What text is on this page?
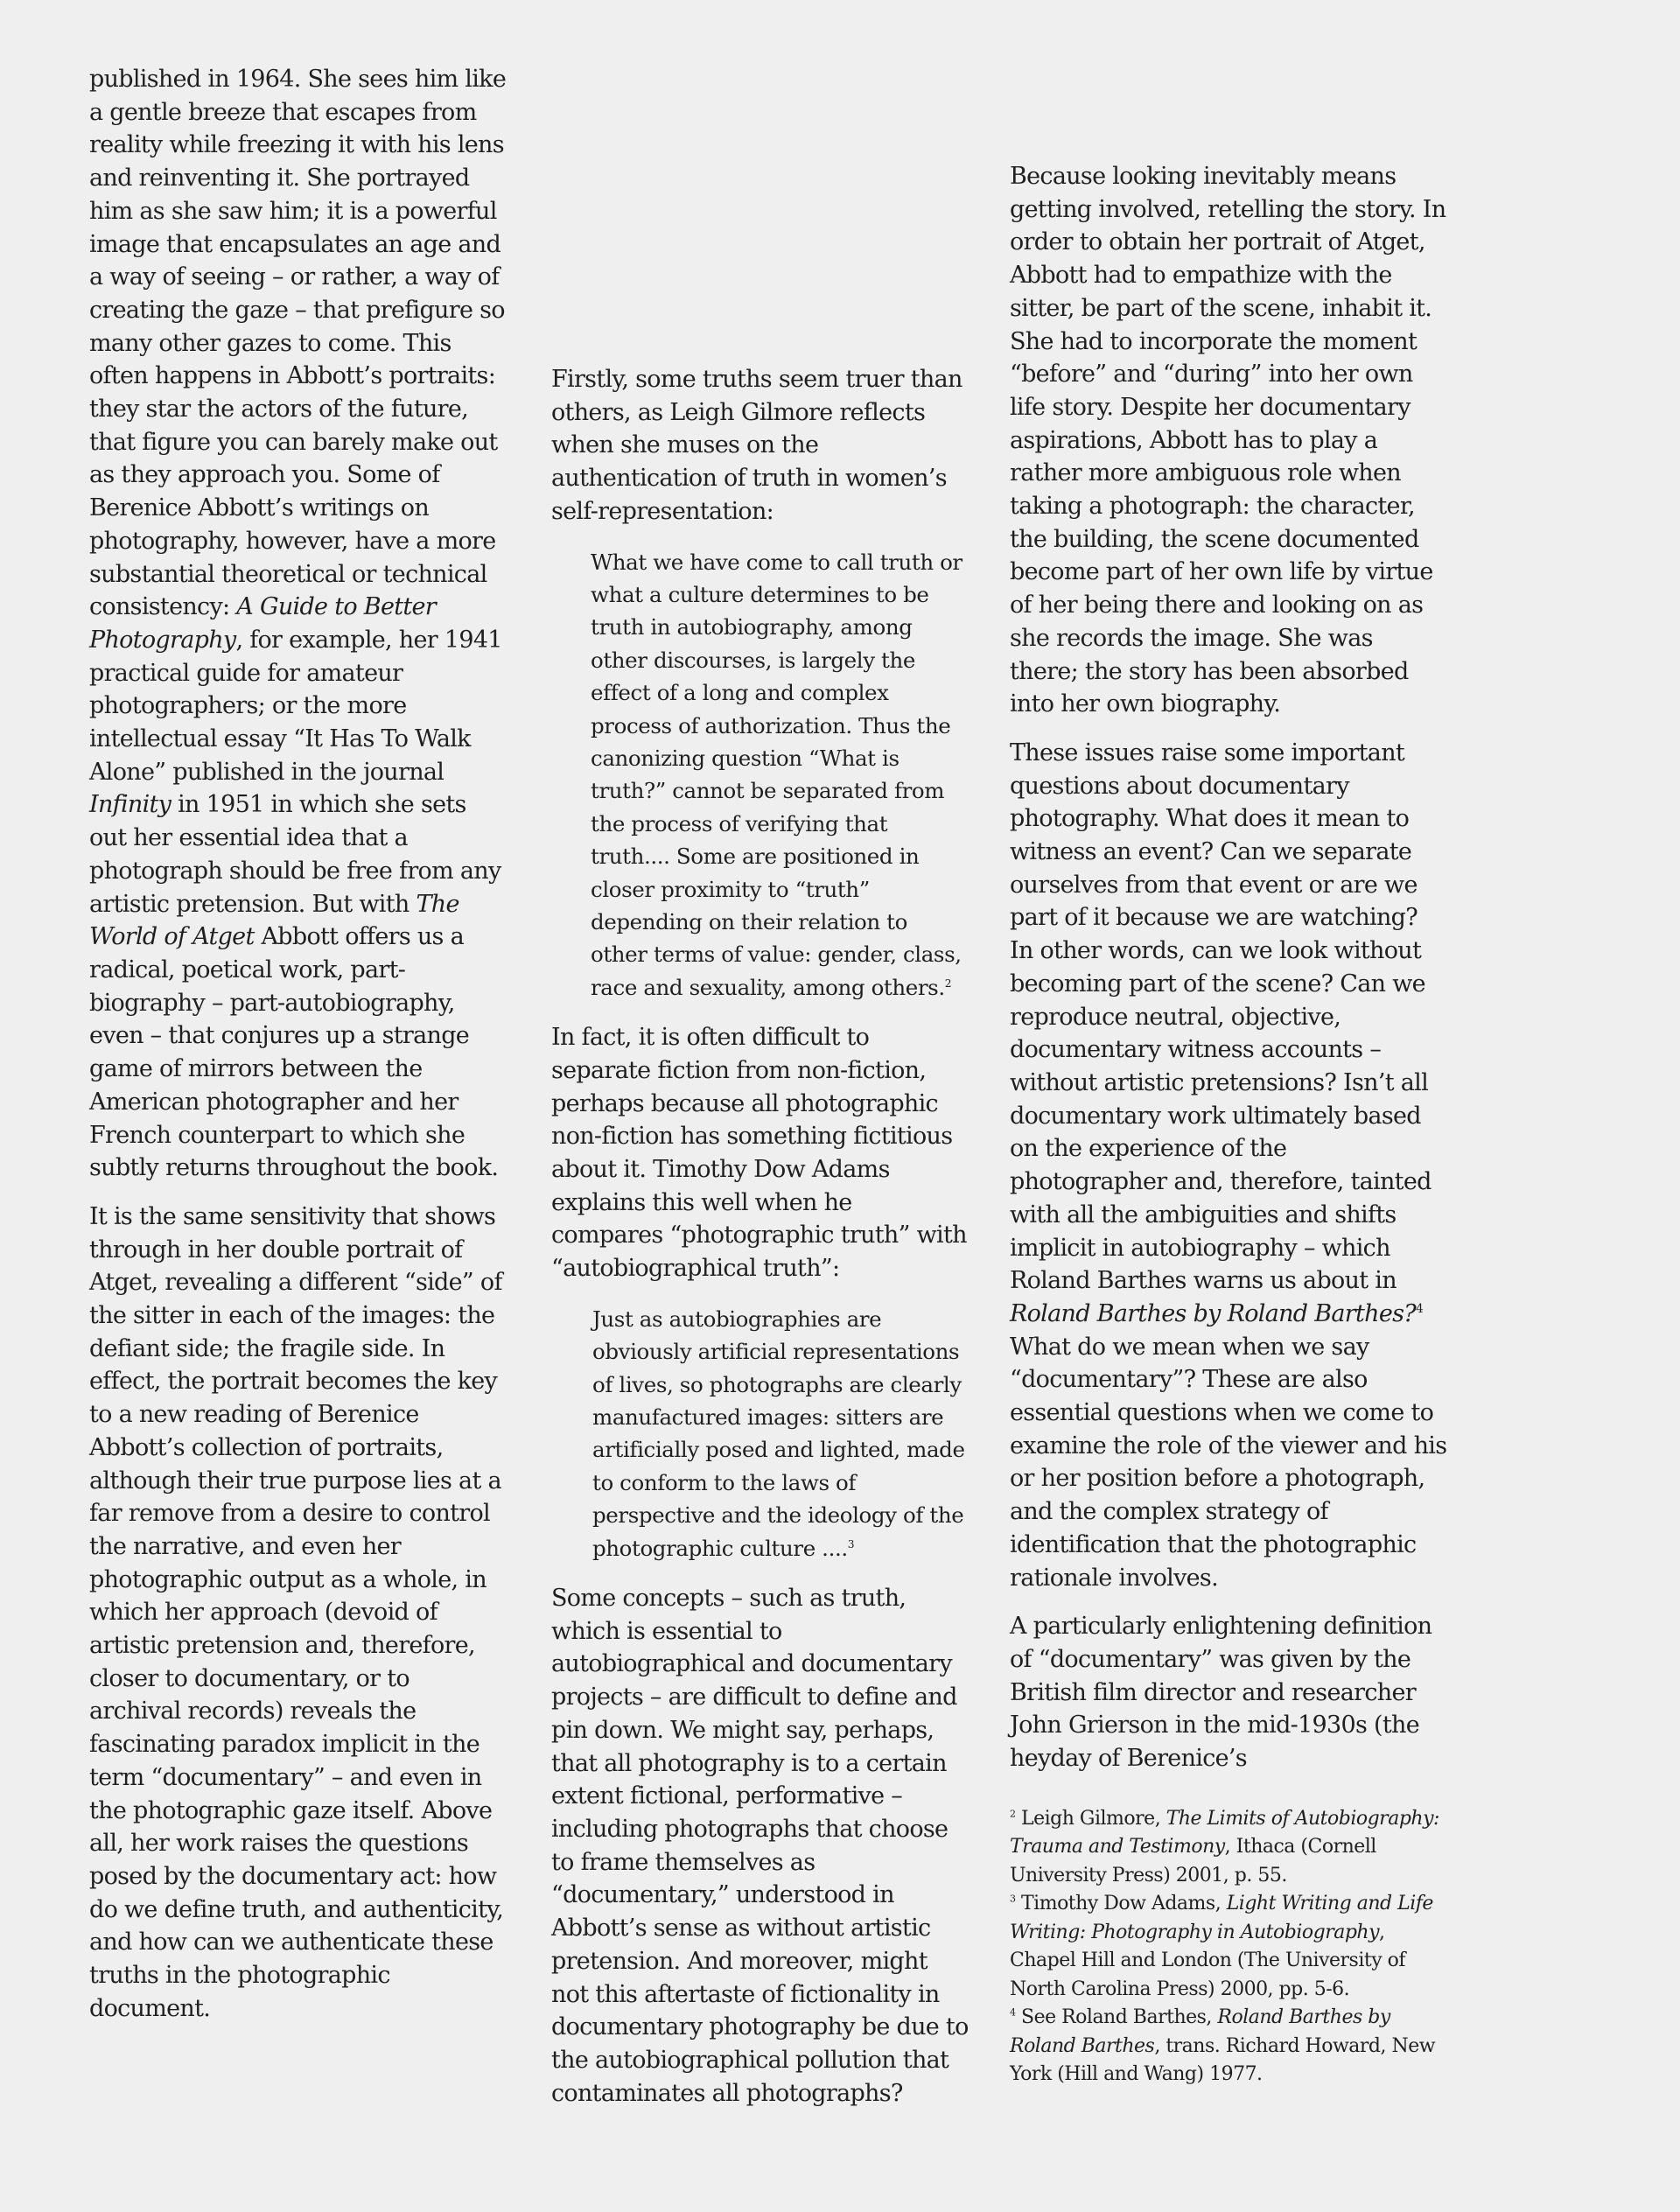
published in 1964. She sees him like a gentle breeze that escapes from reality while freezing it with his lens and reinventing it. She portrayed him as she saw him; it is a powerful image that encapsulates an age and a way of seeing – or rather, a way of creating the gaze – that prefigure so many other gazes to come. This often happens in Abbott’s portraits: they star the actors of the future, that figure you can barely make out as they approach you. Some of Berenice Abbott’s writings on photography, however, have a more substantial theoretical or technical consistency: A Guide to Better Photography, for example, her 1941 practical guide for amateur photographers; or the more intellectual essay “It Has To Walk Alone” published in the journal Infinity in 1951 in which she sets out her essential idea that a photograph should be free from any artistic pretension. But with The World of Atget Abbott offers us a radical, poetical work, part-biography – part-autobiography, even – that conjures up a strange game of mirrors between the American photographer and her French counterpart to which she subtly returns throughout the book.

It is the same sensitivity that shows through in her double portrait of Atget, revealing a different “side” of the sitter in each of the images: the defiant side; the fragile side. In effect, the portrait becomes the key to a new reading of Berenice Abbott’s collection of portraits, although their true purpose lies at a far remove from a desire to control the narrative, and even her photographic output as a whole, in which her approach (devoid of artistic pretension and, therefore, closer to documentary, or to archival records) reveals the fascinating paradox implicit in the term “documentary” – and even in the photographic gaze itself. Above all, her work raises the questions posed by the documentary act: how do we define truth, and authenticity, and how can we authenticate these truths in the photographic document.

Firstly, some truths seem truer than others, as Leigh Gilmore reflects when she muses on the authentication of truth in women’s self-representation:

What we have come to call truth or what a culture determines to be truth in autobiography, among other discourses, is largely the effect of a long and complex process of authorization. Thus the canonizing question “What is truth?” cannot be separated from the process of verifying that truth.... Some are positioned in closer proximity to “truth” depending on their relation to other terms of value: gender, class, race and sexuality, among others.$^2$

In fact, it is often difficult to separate fiction from non-fiction, perhaps because all photographic non-fiction has something fictitious about it. Timothy Dow Adams explains this well when he compares “photographic truth” with “autobiographical truth”:

Just as autobiographies are obviously artificial representations of lives, so photographs are clearly manufactured images: sitters are artificially posed and lighted, made to conform to the laws of perspective and the ideology of the photographic culture ....$^3$

Some concepts – such as truth, which is essential to autobiographical and documentary projects – are difficult to define and pin down. We might say, perhaps, that all photography is to a certain extent fictional, performative – including photographs that choose to frame themselves as “documentary,” understood in Abbott’s sense as without artistic pretension. And moreover, might not this aftertaste of fictionality in documentary photography be due to the autobiographical pollution that contaminates all photographs?

Because looking inevitably means getting involved, retelling the story. In order to obtain her portrait of Atget, Abbott had to empathize with the sitter, be part of the scene, inhabit it. She had to incorporate the moment “before” and “during” into her own life story. Despite her documentary aspirations, Abbott has to play a rather more ambiguous role when taking a photograph: the character, the building, the scene documented become part of her own life by virtue of her being there and looking on as she records the image. She was there; the story has been absorbed into her own biography.

These issues raise some important questions about documentary photography. What does it mean to witness an event? Can we separate ourselves from that event or are we part of it because we are watching? In other words, can we look without becoming part of the scene? Can we reproduce neutral, objective, documentary witness accounts – without artistic pretensions? Isn’t all documentary work ultimately based on the experience of the photographer and, therefore, tainted with all the ambiguities and shifts implicit in autobiography – which Roland Barthes warns us about in Roland Barthes by Roland Barthes?$^4$ What do we mean when we say “documentary”? These are also essential questions when we come to examine the role of the viewer and his or her position before a photograph, and the complex strategy of identification that the photographic rationale involves.

A particularly enlightening definition of “documentary” was given by the British film director and researcher John Grierson in the mid-1930s (the heyday of Berenice’s

$^2$ Leigh Gilmore, The Limits of Autobiography: Trauma and Testimony, Ithaca (Cornell University Press) 2001, p. 55.

$^3$ Timothy Dow Adams, Light Writing and Life Writing: Photography in Autobiography, Chapel Hill and London (The University of North Carolina Press) 2000, pp. 5-6.

$^4$ See Roland Barthes, Roland Barthes by Roland Barthes, trans. Richard Howard, New York (Hill and Wang) 1977.
